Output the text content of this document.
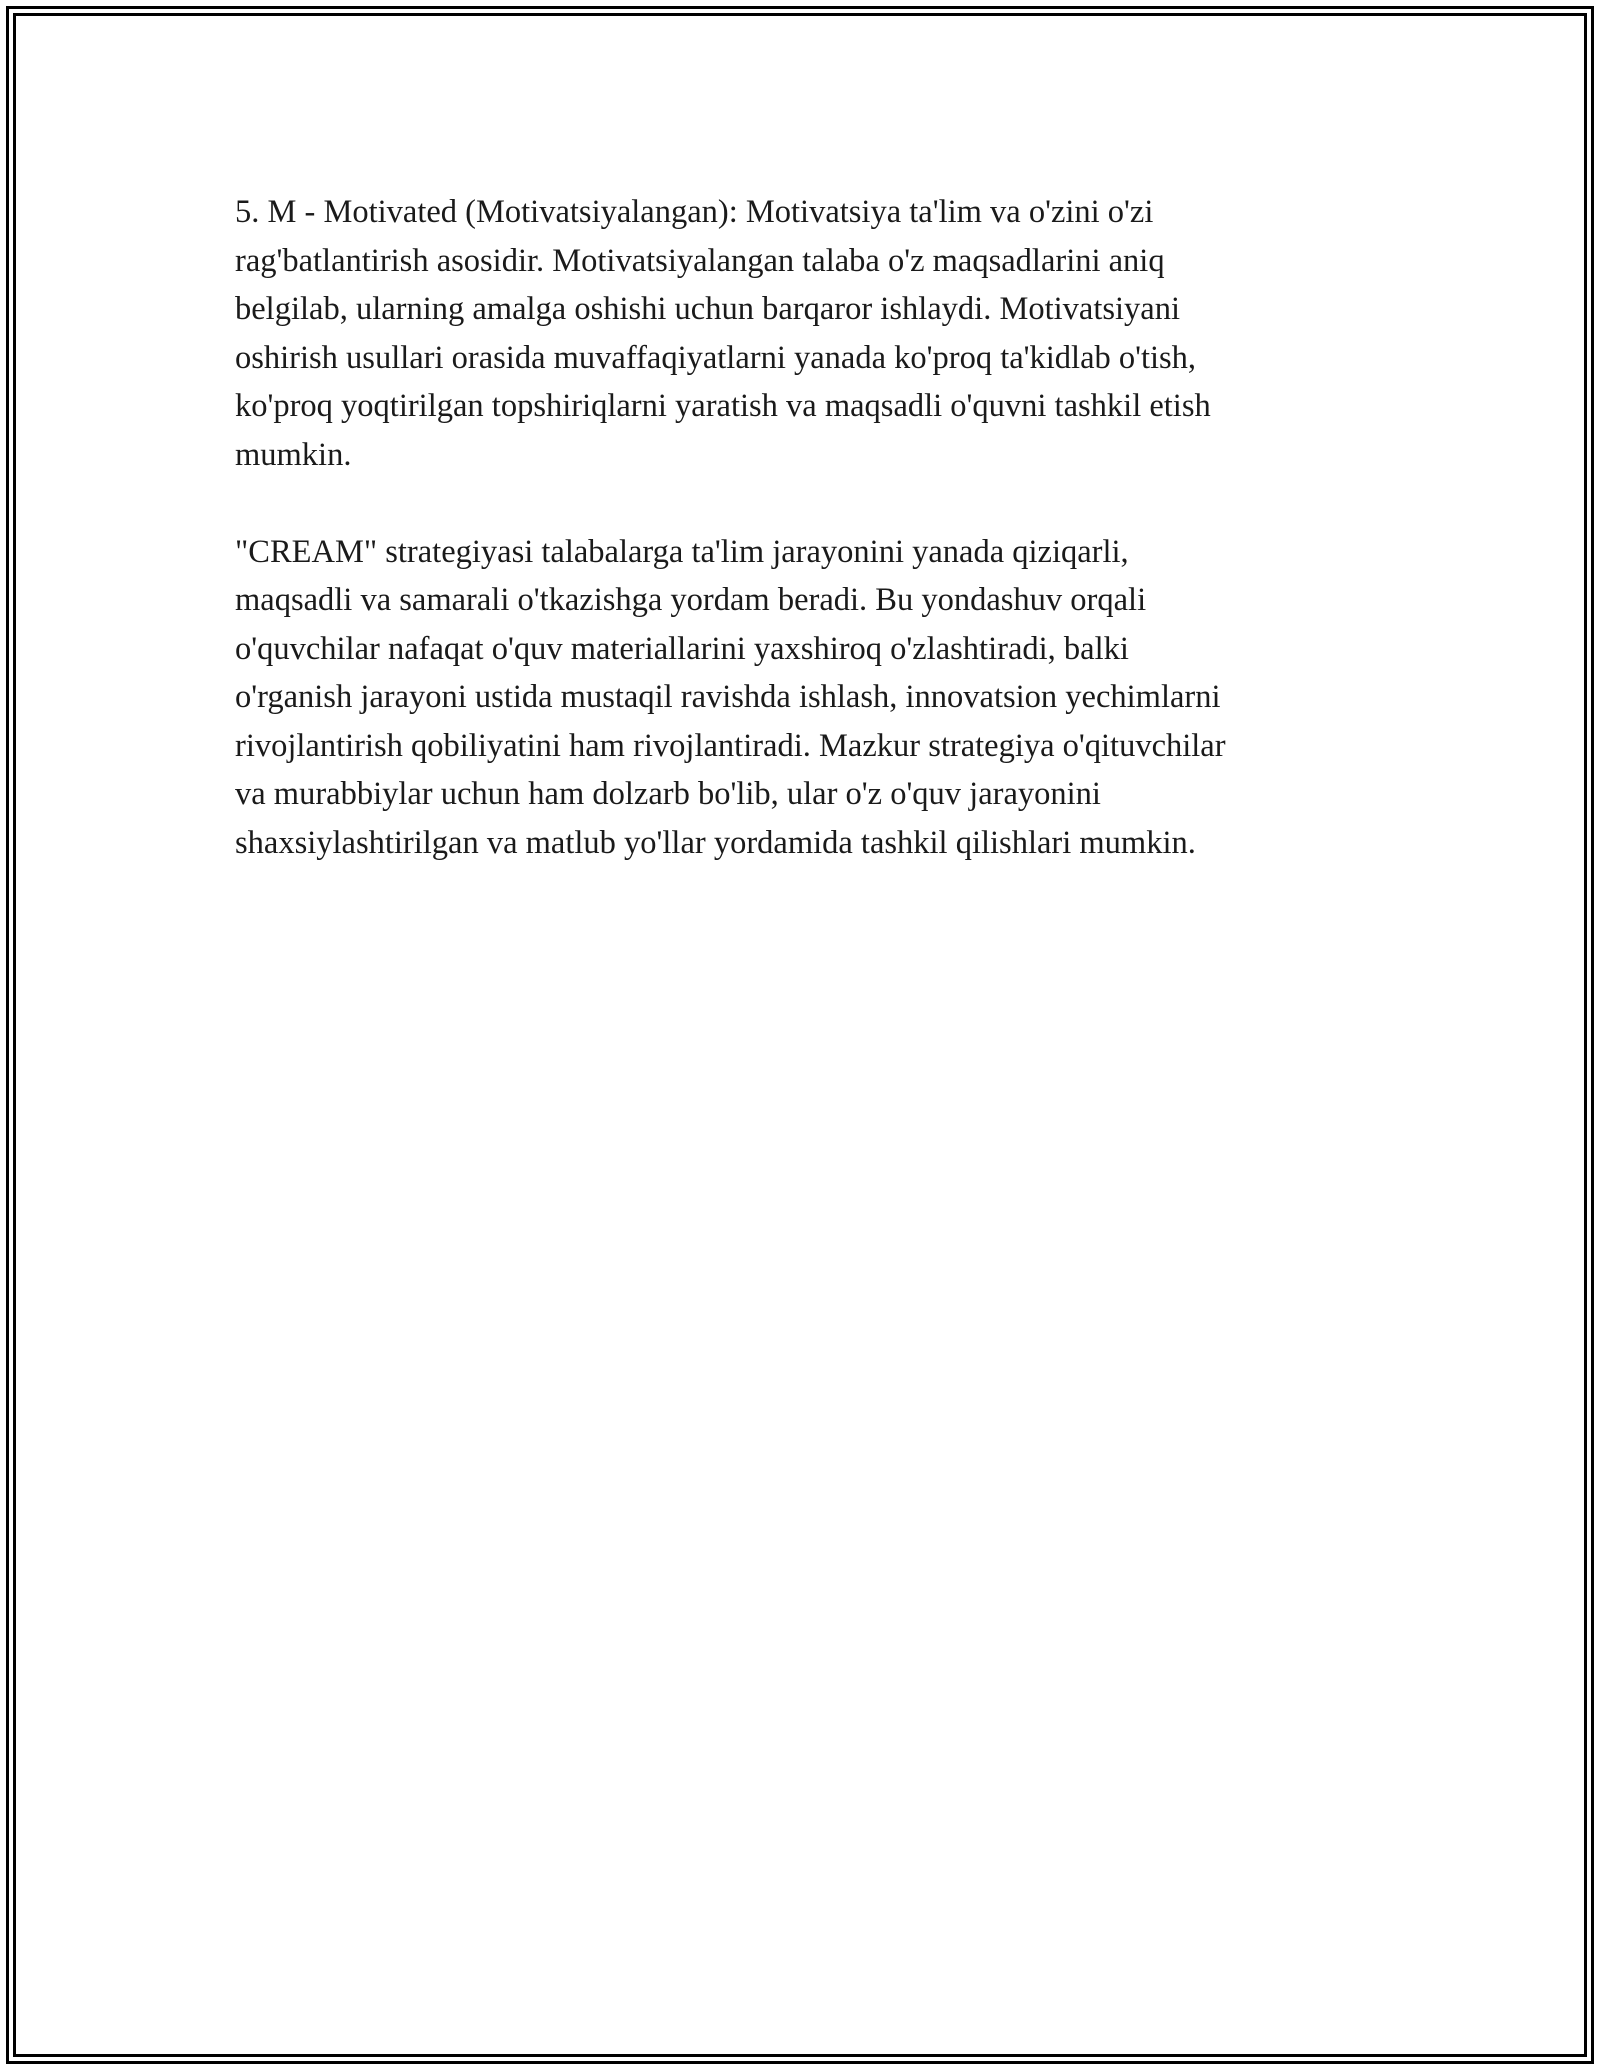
5. M - Motivated (Motivatsiyalangan): Motivatsiya ta'lim va o'zini o'zi
rag'batlantirish asosidir. Motivatsiyalangan talaba o'z maqsadlarini aniq
belgilab, ularning amalga oshishi uchun barqaror ishlaydi. Motivatsiyani
oshirish usullari orasida muvaffaqiyatlarni yanada ko'proq ta'kidlab o'tish,
ko'proq yoqtirilgan topshiriqlarni yaratish va maqsadli o'quvni tashkil etish
mumkin.

"CREAM" strategiyasi talabalarga ta'lim jarayonini yanada qiziqarli,
maqsadli va samarali o'tkazishga yordam beradi. Bu yondashuv orqali
o'quvchilar nafaqat o'quv materiallarini yaxshiroq o'zlashtiradi, balki
o'rganish jarayoni ustida mustaqil ravishda ishlash, innovatsion yechimlarni
rivojlantirish qobiliyatini ham rivojlantiradi. Mazkur strategiya o'qituvchilar
va murabbiylar uchun ham dolzarb bo'lib, ular o'z o'quv jarayonini
shaxsiylashtirilgan va matlub yo'llar yordamida tashkil qilishlari mumkin.
